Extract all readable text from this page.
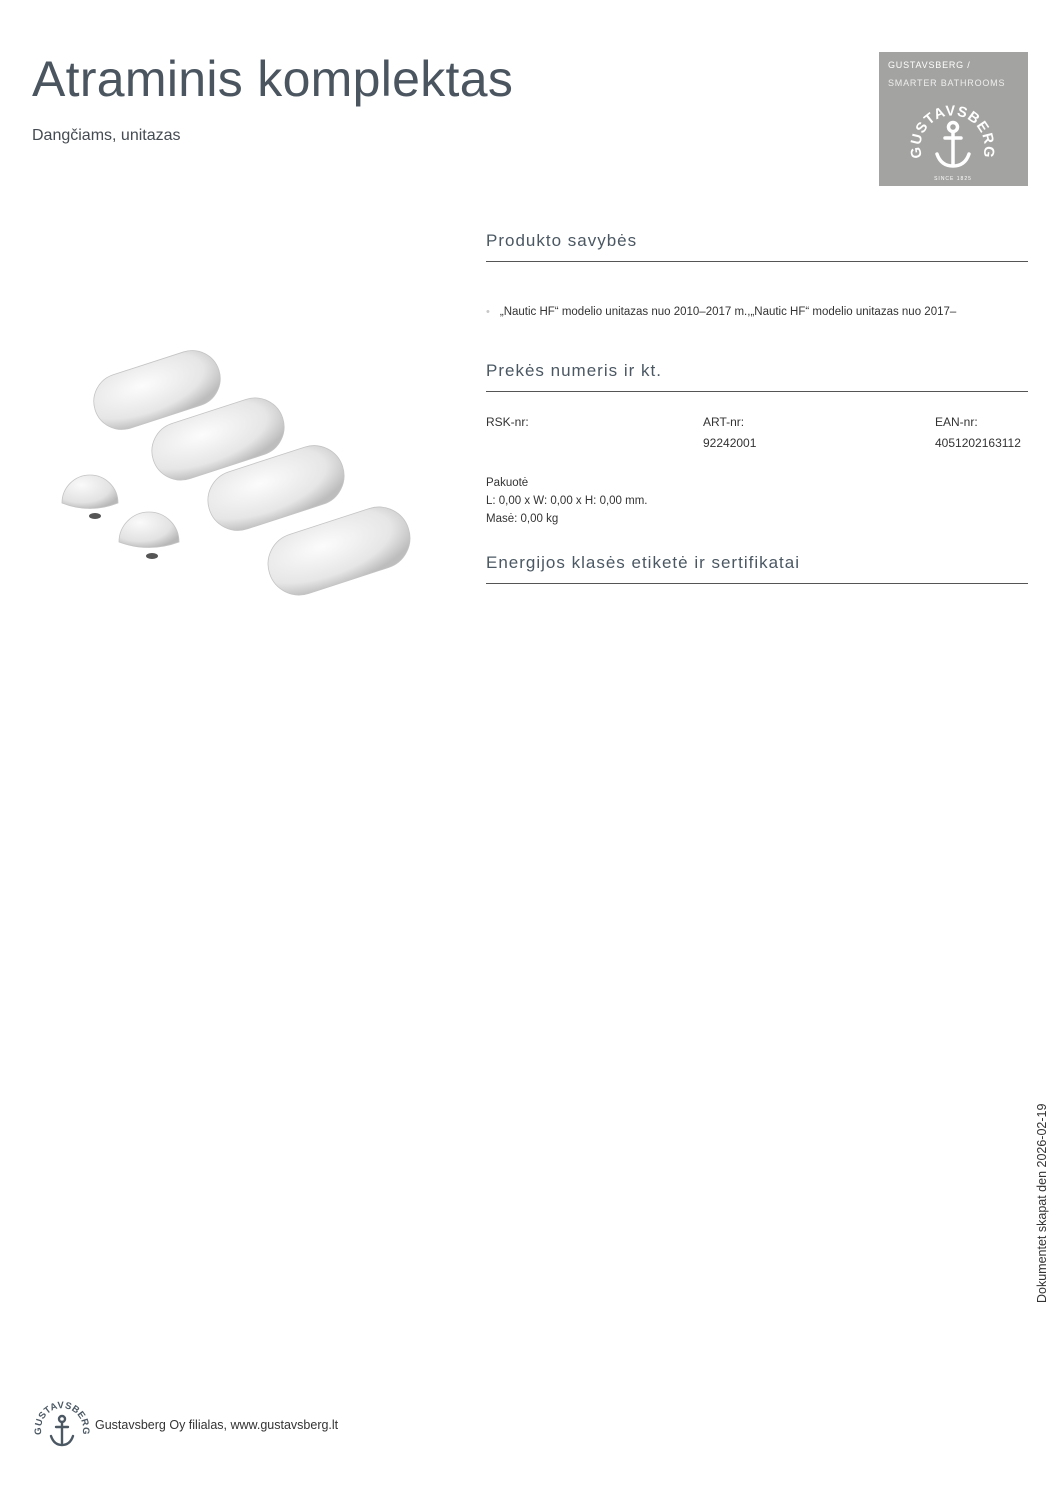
Atraminis komplektas
Dangčiams, unitazas
GUSTAVSBERG /
SMARTER BATHROOMS
GUSTAVSBERG
SINCE 1825
Produkto savybės
• „Nautic HF“ modelio unitazas nuo 2010–2017 m.,„Nautic HF“ modelio unitazas nuo 2017–
Prekės numeris ir kt.
RSK-nr:	ART-nr:
92242001
EAN-nr:
4051202163112
Pakuotė
L: 0,00 x W: 0,00 x H: 0,00 mm.
Masė: 0,00 kg
Energijos klasės etiketė ir sertifikatai
Dokumentet skapat den 2026-02-19
GUSTAVSBERG Gustavsberg Oy filialas, www.gustavsberg.lt
